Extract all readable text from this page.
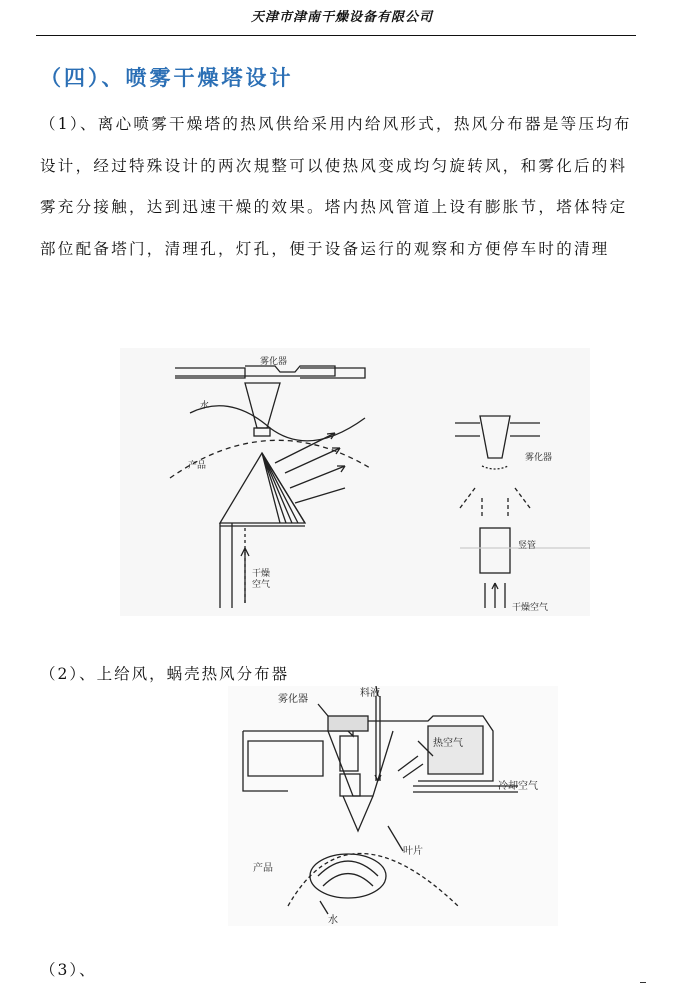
天津市津南干燥设备有限公司
（四）、喷雾干燥塔设计
（1）、离心喷雾干燥塔的热风供给采用内给风形式，热风分布器是等压均布设计，经过特殊设计的两次規整可以使热风变成均匀旋转风，和雾化后的料雾充分接触，达到迅速干燥的效果。塔内热风管道上设有膨胀节，塔体特定部位配备塔门，清理孔，灯孔，便于设备运行的观察和方便停车时的清理
雾化器
水
产品
干燥空气
雾化器
竖管
干燥空气
（2）、上给风，蜗壳热风分布器
雾化器
料液
热空气
冷却空气
叶片
产品
水
（3）、
